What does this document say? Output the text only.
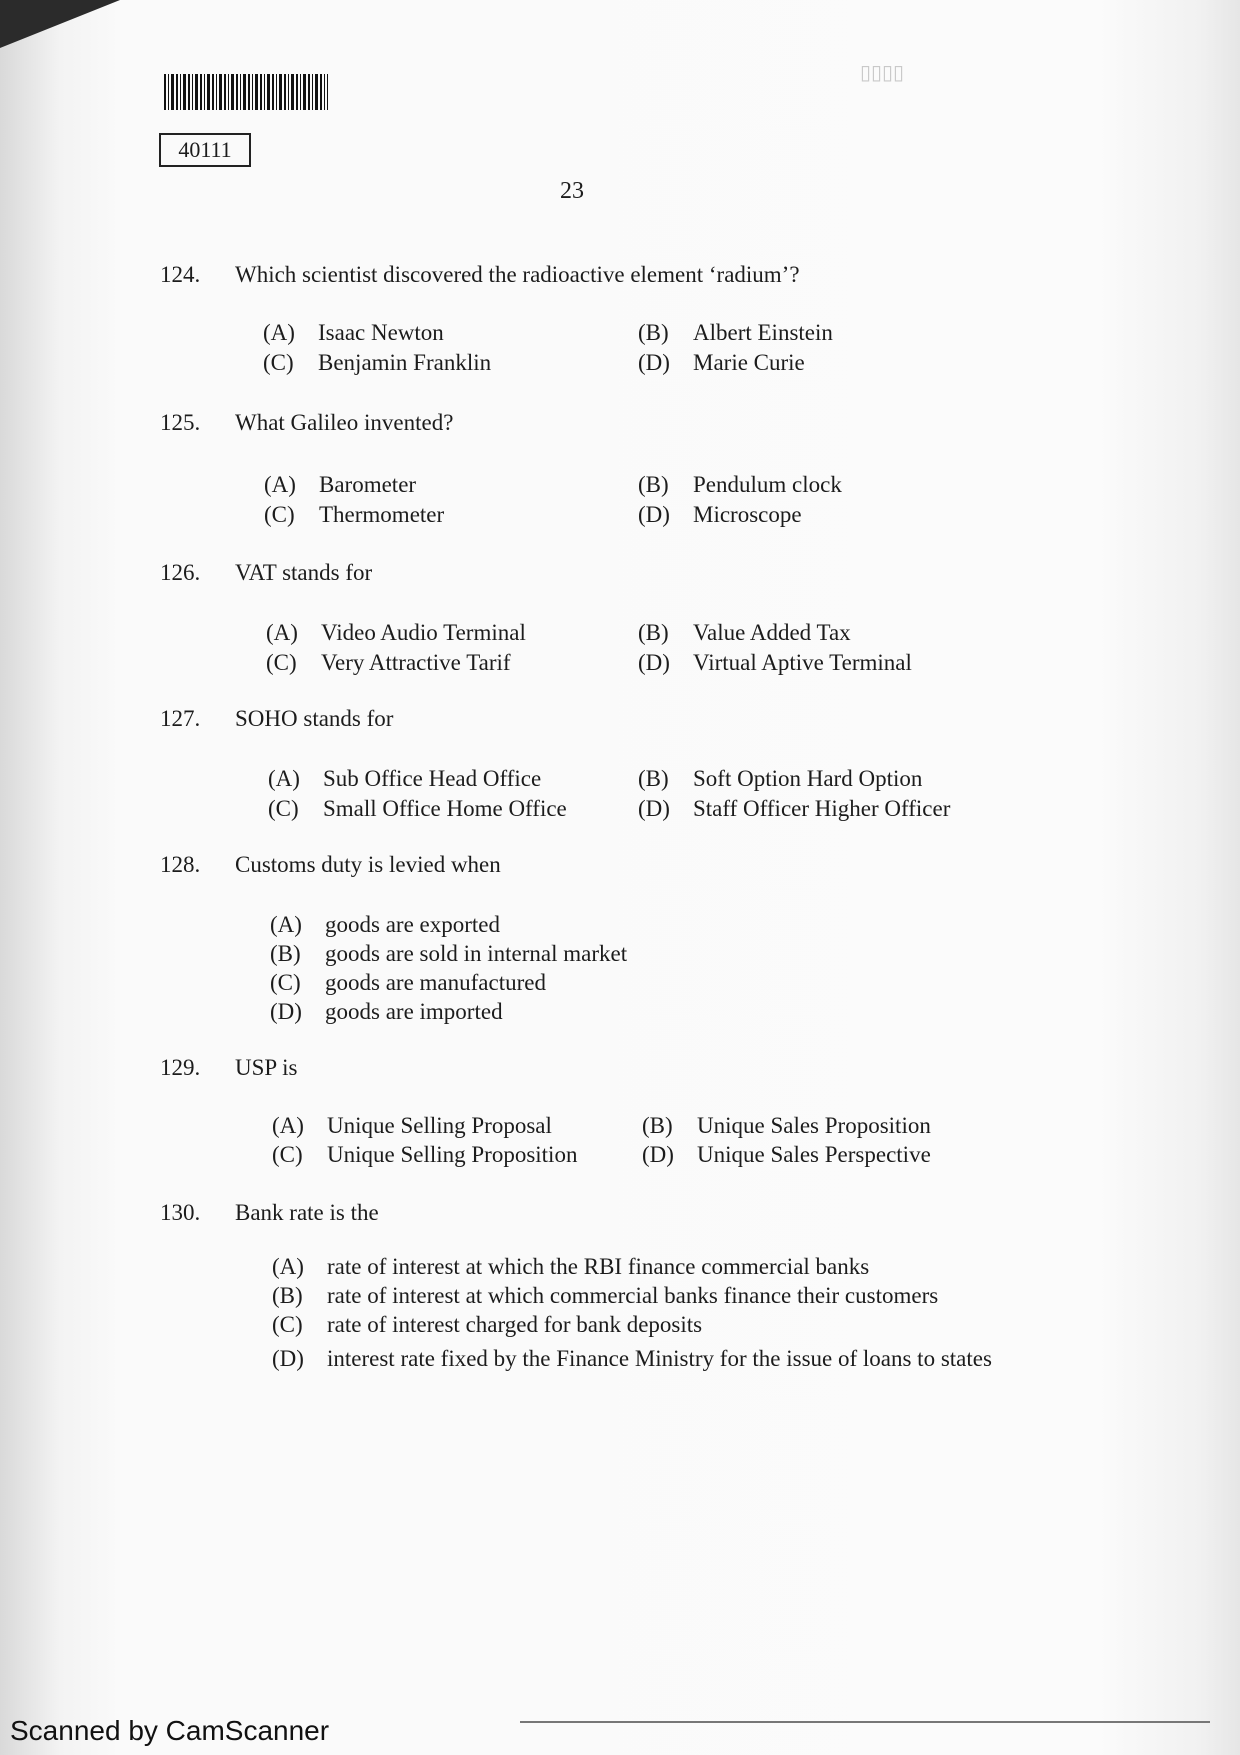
40111
23
▯▯▯▯
124.	Which scientist discovered the radioactive element ‘radium’?
(A) Isaac Newton	(B) Albert Einstein
(C) Benjamin Franklin	(D) Marie Curie
125.	What Galileo invented?
(A) Barometer	(B) Pendulum clock
(C) Thermometer	(D) Microscope
126.	VAT stands for
(A) Video Audio Terminal	(B) Value Added Tax
(C) Very Attractive Tarif	(D) Virtual Aptive Terminal
127.	SOHO stands for
(A) Sub Office Head Office	(B) Soft Option Hard Option
(C) Small Office Home Office	(D) Staff Officer Higher Officer
128.	Customs duty is levied when
(A) goods are exported
(B) goods are sold in internal market
(C) goods are manufactured
(D) goods are imported
129.	USP is
(A) Unique Selling Proposal	(B) Unique Sales Proposition
(C) Unique Selling Proposition	(D) Unique Sales Perspective
130.	Bank rate is the
(A) rate of interest at which the RBI finance commercial banks
(B) rate of interest at which commercial banks finance their customers
(C) rate of interest charged for bank deposits
(D)	interest rate fixed by the Finance Ministry for the issue of loans to states
Scanned by CamScanner
